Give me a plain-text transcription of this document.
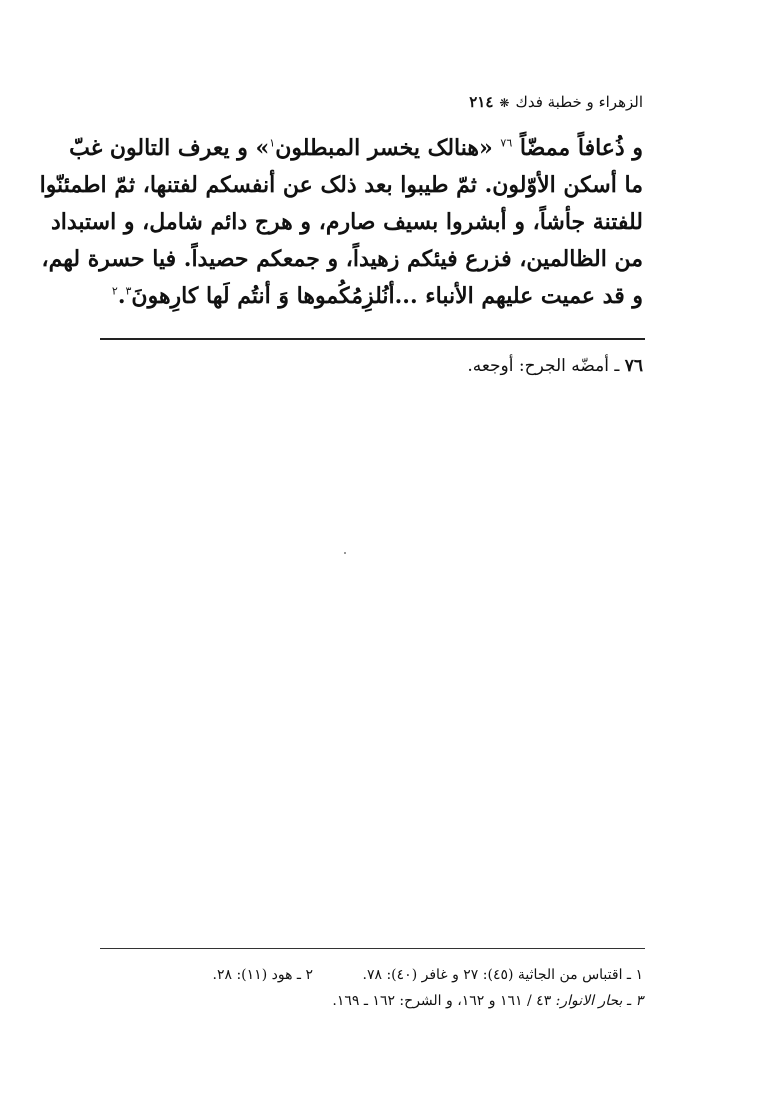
الزهراء و خطبة فدك❋٢١٤
و ذُعافاً ممضّاً $^{٧٦}$ «هنالک یخسر المبطلون$^١$» و یعرف التالون غبّ
ما أسكن الأوّلون. ثمّ طيبوا بعد ذلک عن أنفسكم لفتنها، ثمّ اطمئنّوا
للفتنة جأشاً، و أبشروا بسيف صارم، و هرج دائم شامل، و استبداد
من الظالمين، فزرع فيئكم زهيداً، و جمعكم حصيداً. فيا حسرة لهم،
و قد عميت عليهم الأنباء ...أنُلزِمُكُموها وَ أنتُم لَها كارِهونَ$^٢$.$^٣$
٧٦ ـ أمضّه الجرح: أوجعه.
١ ـ اقتباس من الجاثية (٤٥): ٢٧ و غافر (٤٠): ٧٨.
٢ ـ هود (١١): ٢٨.
٣ ـ بحار الانوار: ٤٣ / ١٦١ و ١٦٢، و الشرح: ١٦٢ ـ ١٦٩.
